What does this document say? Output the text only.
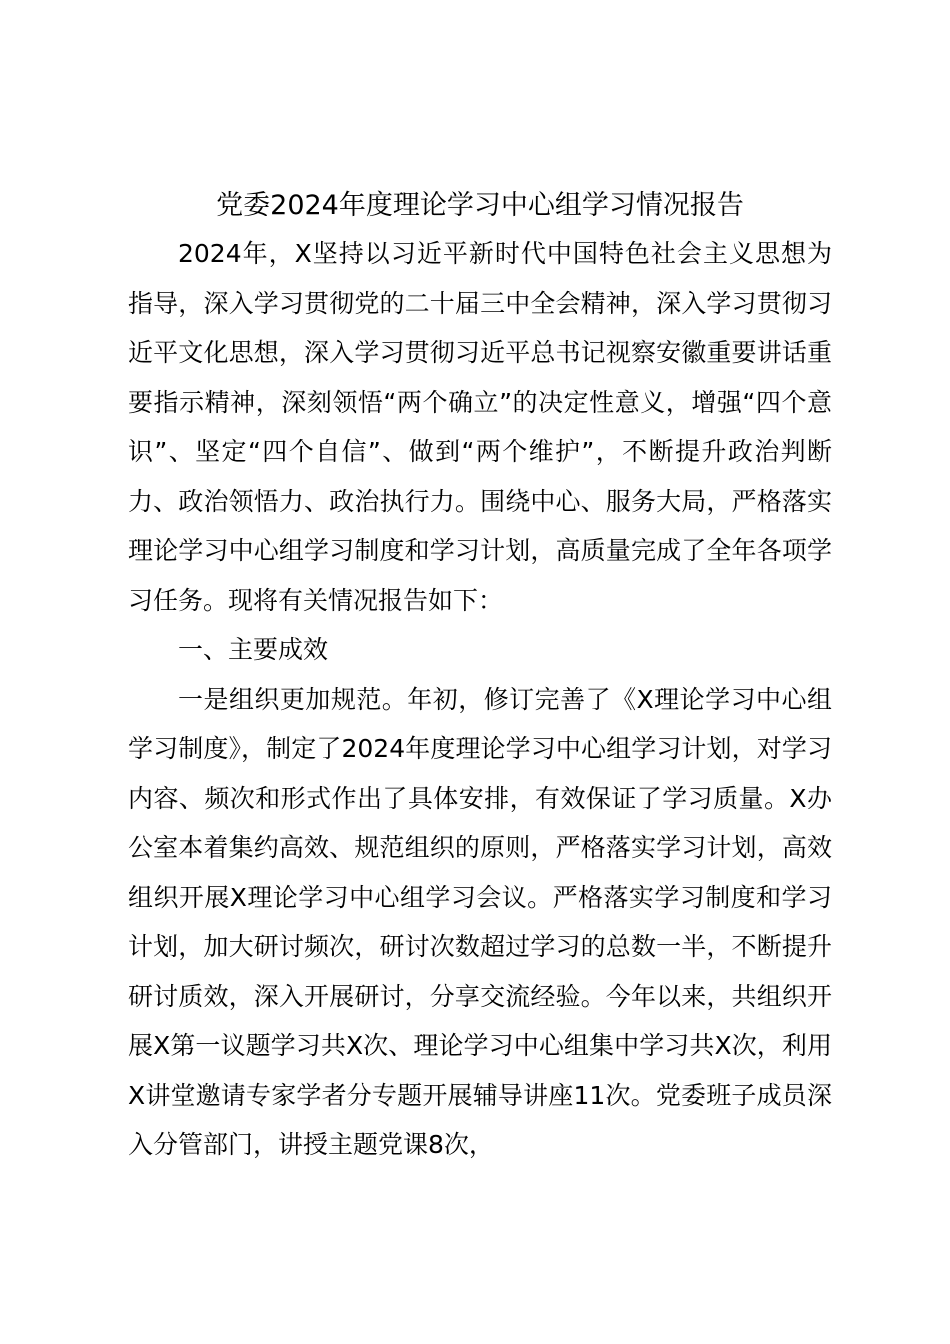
党委2024年度理论学习中心组学习情况报告

2024年，X坚持以习近平新时代中国特色社会主义思想为指导，深入学习贯彻党的二十届三中全会精神，深入学习贯彻习近平文化思想，深入学习贯彻习近平总书记视察安徽重要讲话重要指示精神，深刻领悟“两个确立”的决定性意义，增强“四个意识”、坚定“四个自信”、做到“两个维护”，不断提升政治判断力、政治领悟力、政治执行力。围绕中心、服务大局，严格落实理论学习中心组学习制度和学习计划，高质量完成了全年各项学习任务。现将有关情况报告如下：

一、主要成效

一是组织更加规范。年初，修订完善了《X理论学习中心组学习制度》，制定了2024年度理论学习中心组学习计划，对学习内容、频次和形式作出了具体安排，有效保证了学习质量。X办公室本着集约高效、规范组织的原则，严格落实学习计划，高效组织开展X理论学习中心组学习会议。严格落实学习制度和学习计划，加大研讨频次，研讨次数超过学习的总数一半，不断提升研讨质效，深入开展研讨，分享交流经验。今年以来，共组织开展X第一议题学习共X次、理论学习中心组集中学习共X次，利用X讲堂邀请专家学者分专题开展辅导讲座11次。党委班子成员深入分管部门，讲授主题党课8次，
